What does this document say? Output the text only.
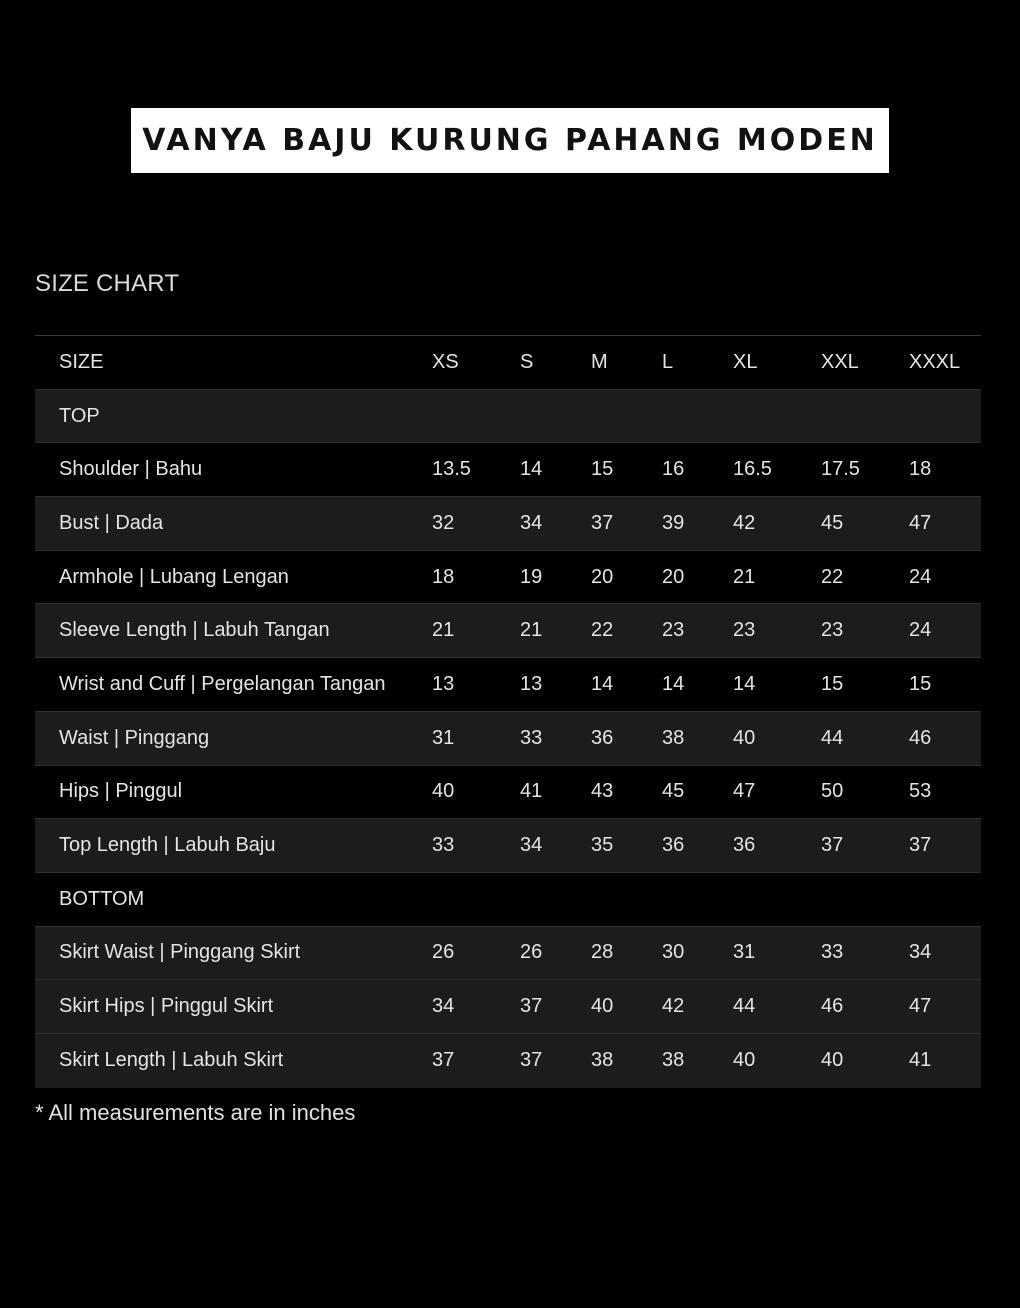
VANYA BAJU KURUNG PAHANG MODEN
SIZE CHART
SIZE	XS	S	M	L	XL	XXL	XXXL
TOP
Shoulder | Bahu	13.5	14	15	16	16.5	17.5	18
Bust | Dada	32	34	37	39	42	45	47
Armhole | Lubang Lengan	18	19	20	20	21	22	24
Sleeve Length | Labuh Tangan	21	21	22	23	23	23	24
Wrist and Cuff | Pergelangan Tangan	13	13	14	14	14	15	15
Waist | Pinggang	31	33	36	38	40	44	46
Hips | Pinggul	40	41	43	45	47	50	53
Top Length | Labuh Baju	33	34	35	36	36	37	37
BOTTOM
Skirt Waist | Pinggang Skirt	26	26	28	30	31	33	34
Skirt Hips | Pinggul Skirt	34	37	40	42	44	46	47
Skirt Length | Labuh Skirt	37	37	38	38	40	40	41
* All measurements are in inches
